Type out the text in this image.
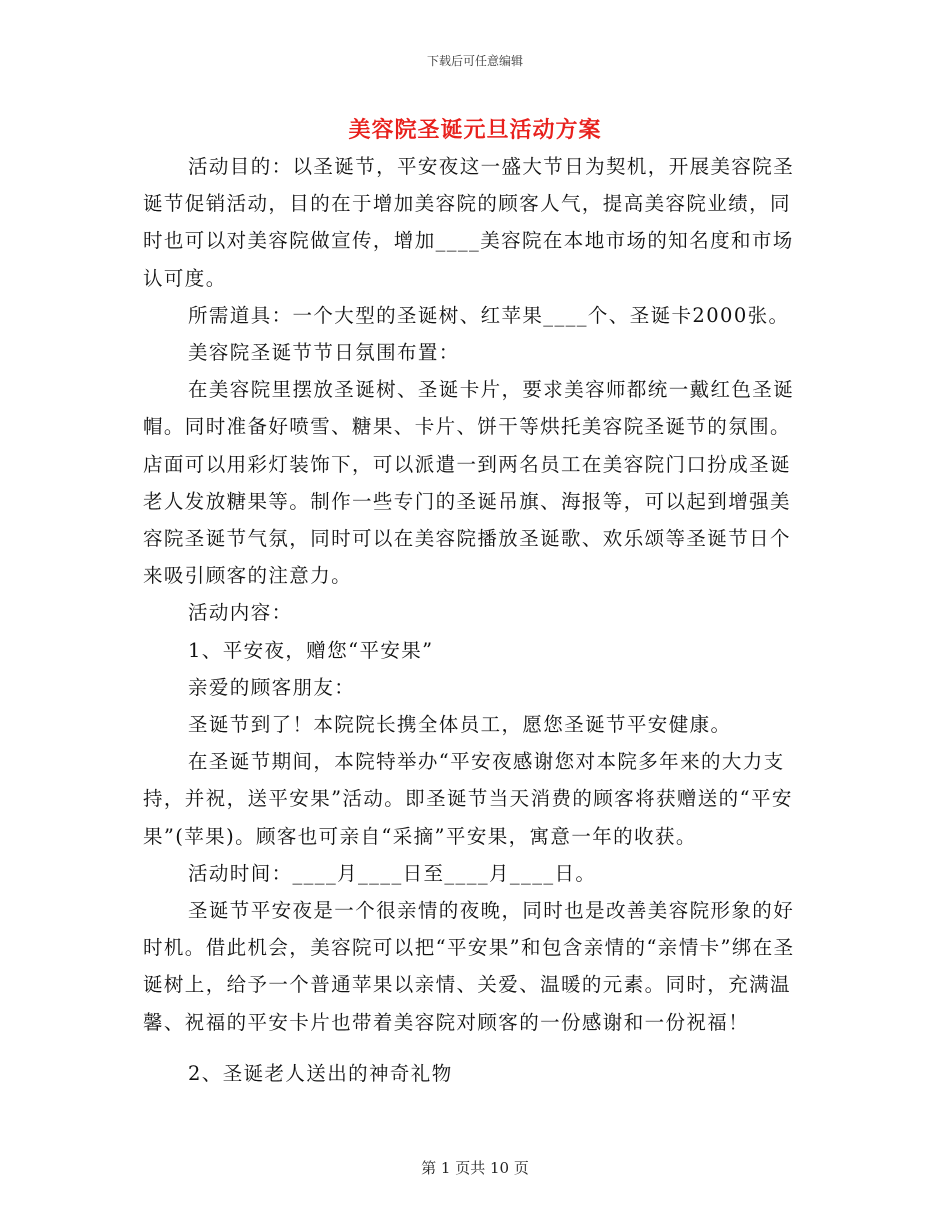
下载后可任意编辑
美容院圣诞元旦活动方案

活动目的：以圣诞节，平安夜这一盛大节日为契机，开展美容院圣诞节促销活动，目的在于增加美容院的顾客人气，提高美容院业绩，同时也可以对美容院做宣传，增加____美容院在本地市场的知名度和市场认可度。

所需道具：一个大型的圣诞树、红苹果____个、圣诞卡2000张。

美容院圣诞节节日氛围布置：

在美容院里摆放圣诞树、圣诞卡片，要求美容师都统一戴红色圣诞帽。同时准备好喷雪、糖果、卡片、饼干等烘托美容院圣诞节的氛围。店面可以用彩灯装饰下，可以派遣一到两名员工在美容院门口扮成圣诞老人发放糖果等。制作一些专门的圣诞吊旗、海报等，可以起到增强美容院圣诞节气氛，同时可以在美容院播放圣诞歌、欢乐颂等圣诞节日个来吸引顾客的注意力。

活动内容：

1、平安夜，赠您“平安果”

亲爱的顾客朋友：

圣诞节到了！本院院长携全体员工，愿您圣诞节平安健康。

在圣诞节期间，本院特举办“平安夜感谢您对本院多年来的大力支持，并祝，送平安果”活动。即圣诞节当天消费的顾客将获赠送的“平安果”(苹果)。顾客也可亲自“采摘”平安果，寓意一年的收获。

活动时间：____月____日至____月____日。

圣诞节平安夜是一个很亲情的夜晚，同时也是改善美容院形象的好时机。借此机会，美容院可以把“平安果”和包含亲情的“亲情卡”绑在圣诞树上，给予一个普通苹果以亲情、关爱、温暖的元素。同时，充满温馨、祝福的平安卡片也带着美容院对顾客的一份感谢和一份祝福！

2、圣诞老人送出的神奇礼物

第 1 页共 10 页
